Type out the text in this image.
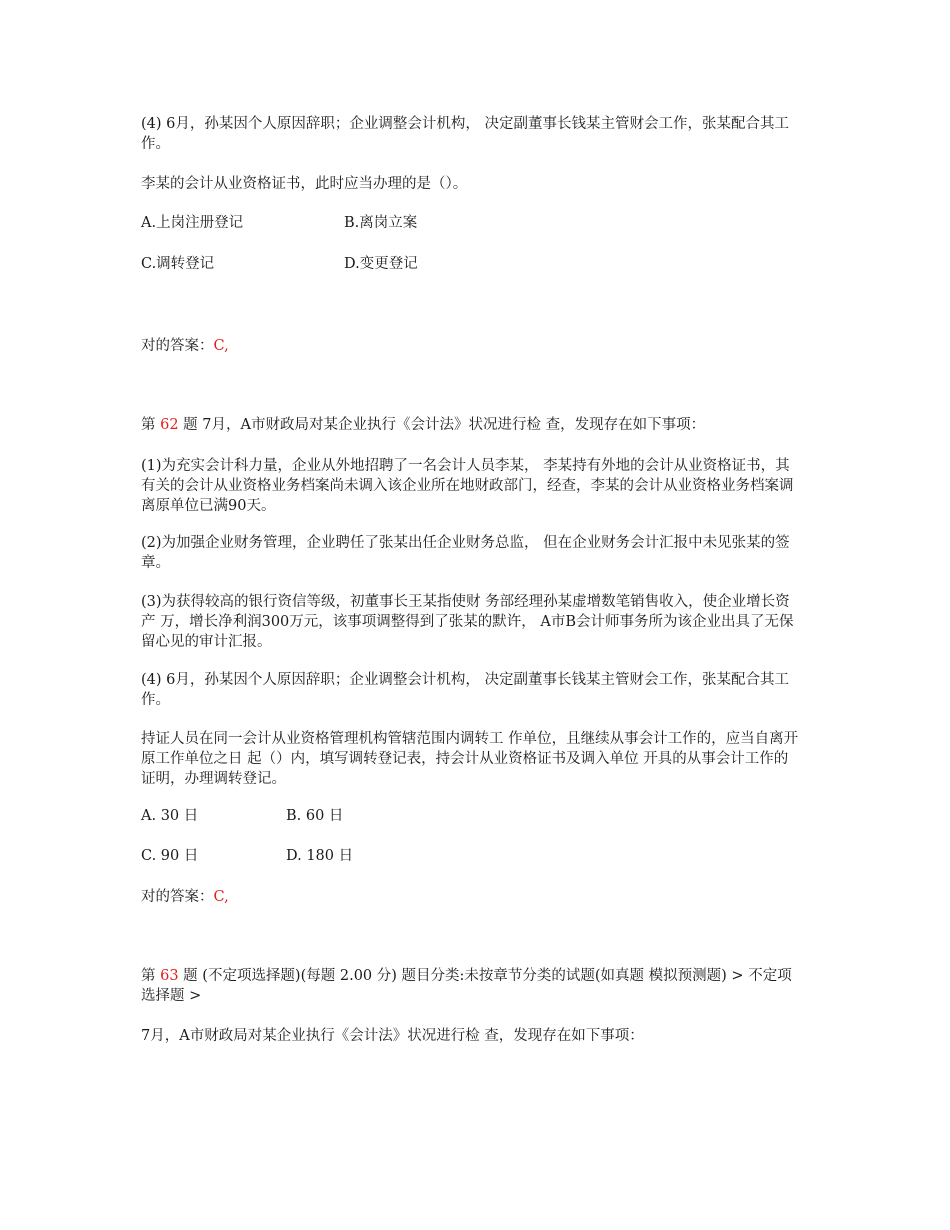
(4) 6月，孙某因个人原因辞职；企业调整会计机构， 决定副董事长钱某主管财会工作，张某配合其工作。

李某的会计从业资格证书，此时应当办理的是（）。

A.上岗注册登记	B.离岗立案
C.调转登记	D.变更登记

对的答案：C,

第 62 题 7月，A市财政局对某企业执行《会计法》状况进行检 查，发现存在如下事项：

(1)为充实会计科力量，企业从外地招聘了一名会计人员李某， 李某持有外地的会计从业资格证书，其有关的会计从业资格业务档案尚未调入该企业所在地财政部门，经查，李某的会计从业资格业务档案调离原单位已满90天。

(2)为加强企业财务管理，企业聘任了张某出任企业财务总监， 但在企业财务会计汇报中未见张某的签章。

(3)为获得较高的银行资信等级，初董事长王某指使财 务部经理孙某虚增数笔销售收入，使企业增长资产 万，增长净利润300万元，该事项调整得到了张某的默许， A市B会计师事务所为该企业出具了无保留心见的审计汇报。

(4) 6月，孙某因个人原因辞职；企业调整会计机构， 决定副董事长钱某主管财会工作，张某配合其工作。

持证人员在同一会计从业资格管理机构管辖范围内调转工 作单位，且继续从事会计工作的，应当自离开原工作单位之日 起（）内，填写调转登记表，持会计从业资格证书及调入单位 开具的从事会计工作的证明，办理调转登记。

A. 30 日	B. 60 日
C. 90 日	D. 180 日

对的答案：C,

第 63 题 (不定项选择题)(每题 2.00 分) 题目分类:未按章节分类的试题(如真题 模拟预测题) > 不定项选择题 >

7月，A市财政局对某企业执行《会计法》状况进行检 查，发现存在如下事项：
